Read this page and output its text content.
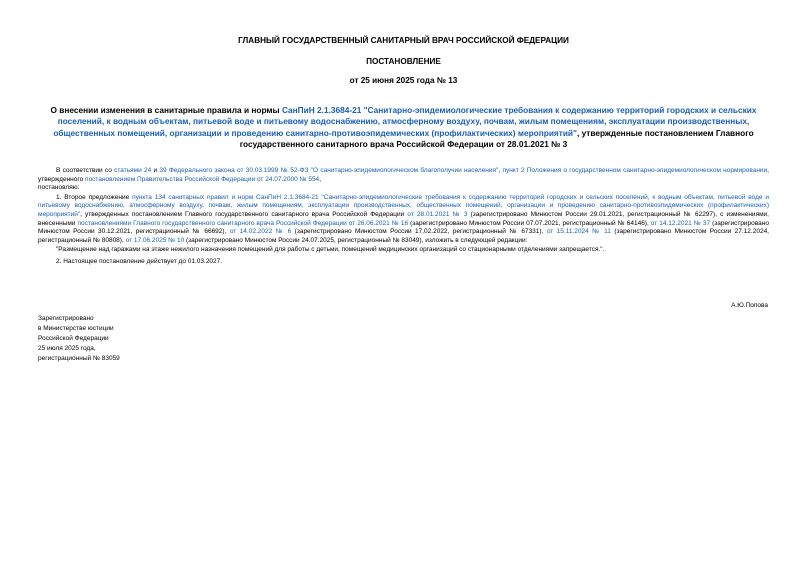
ГЛАВНЫЙ ГОСУДАРСТВЕННЫЙ САНИТАРНЫЙ ВРАЧ РОССИЙСКОЙ ФЕДЕРАЦИИ
ПОСТАНОВЛЕНИЕ
от 25 июня 2025 года № 13
О внесении изменения в санитарные правила и нормы СанПиН 2.1.3684-21 "Санитарно-эпидемиологические требования к содержанию территорий городских и сельских поселений, к водным объектам, питьевой воде и питьевому водоснабжению, атмосферному воздуху, почвам, жилым помещениям, эксплуатации производственных, общественных помещений, организации и проведению санитарно-противоэпидемических (профилактических) мероприятий", утвержденные постановлением Главного государственного санитарного врача Российской Федерации от 28.01.2021 № 3

В соответствии со статьями 24 и 39 Федерального закона от 30.03.1999 № 52-ФЗ "О санитарно-эпидемиологическом благополучии населения", пункт 2 Положения о государственном санитарно-эпидемиологическом нормировании, утвержденного постановлением Правительства Российской Федерации от 24.07.2000 № 554,

постановляю:

1. Второе предложение пункта 134 санитарных правил и норм СанПиН 2.1.3684-21 "Санитарно-эпидемиологические требования к содержанию территорий городских и сельских поселений, к водным объектам, питьевой воде и питьевому водоснабжению, атмосферному воздуху, почвам, жилым помещениям, эксплуатации производственных, общественных помещений, организации и проведению санитарно-противоэпидемических (профилактических) мероприятий", утвержденных постановлением Главного государственного санитарного врача Российской Федерации от 28.01.2021 № 3 (зарегистрировано Минюстом России 29.01.2021, регистрационный № 62297), с изменениями, внесенными постановлениями Главного государственного санитарного врача Российской Федерации от 26.06.2021 № 16 (зарегистрировано Минюстом России 07.07.2021, регистрационный № 64146), от 14.12.2021 № 37 (зарегистрировано Минюстом России 30.12.2021, регистрационный № 66692), от 14.02.2022 № 6 (зарегистрировано Минюстом России 17.02.2022, регистрационный № 67331), от 15.11.2024 № 11 (зарегистрировано Минюстом России 27.12.2024, регистрационный № 80808), от 17.06.2025 № 10 (зарегистрировано Минюстом России 24.07.2025, регистрационный № 83049), изложить в следующей редакции:

"Размещение над гаражами на этаже нежилого назначения помещений для работы с детьми, помещений медицинских организаций со стационарными отделениями запрещается.".

2. Настоящее постановление действует до 01.03.2027.

А.Ю.Попова
Зарегистрировано
в Министерстве юстиции
Российской Федерации
25 июля 2025 года,
регистрационный № 83059
